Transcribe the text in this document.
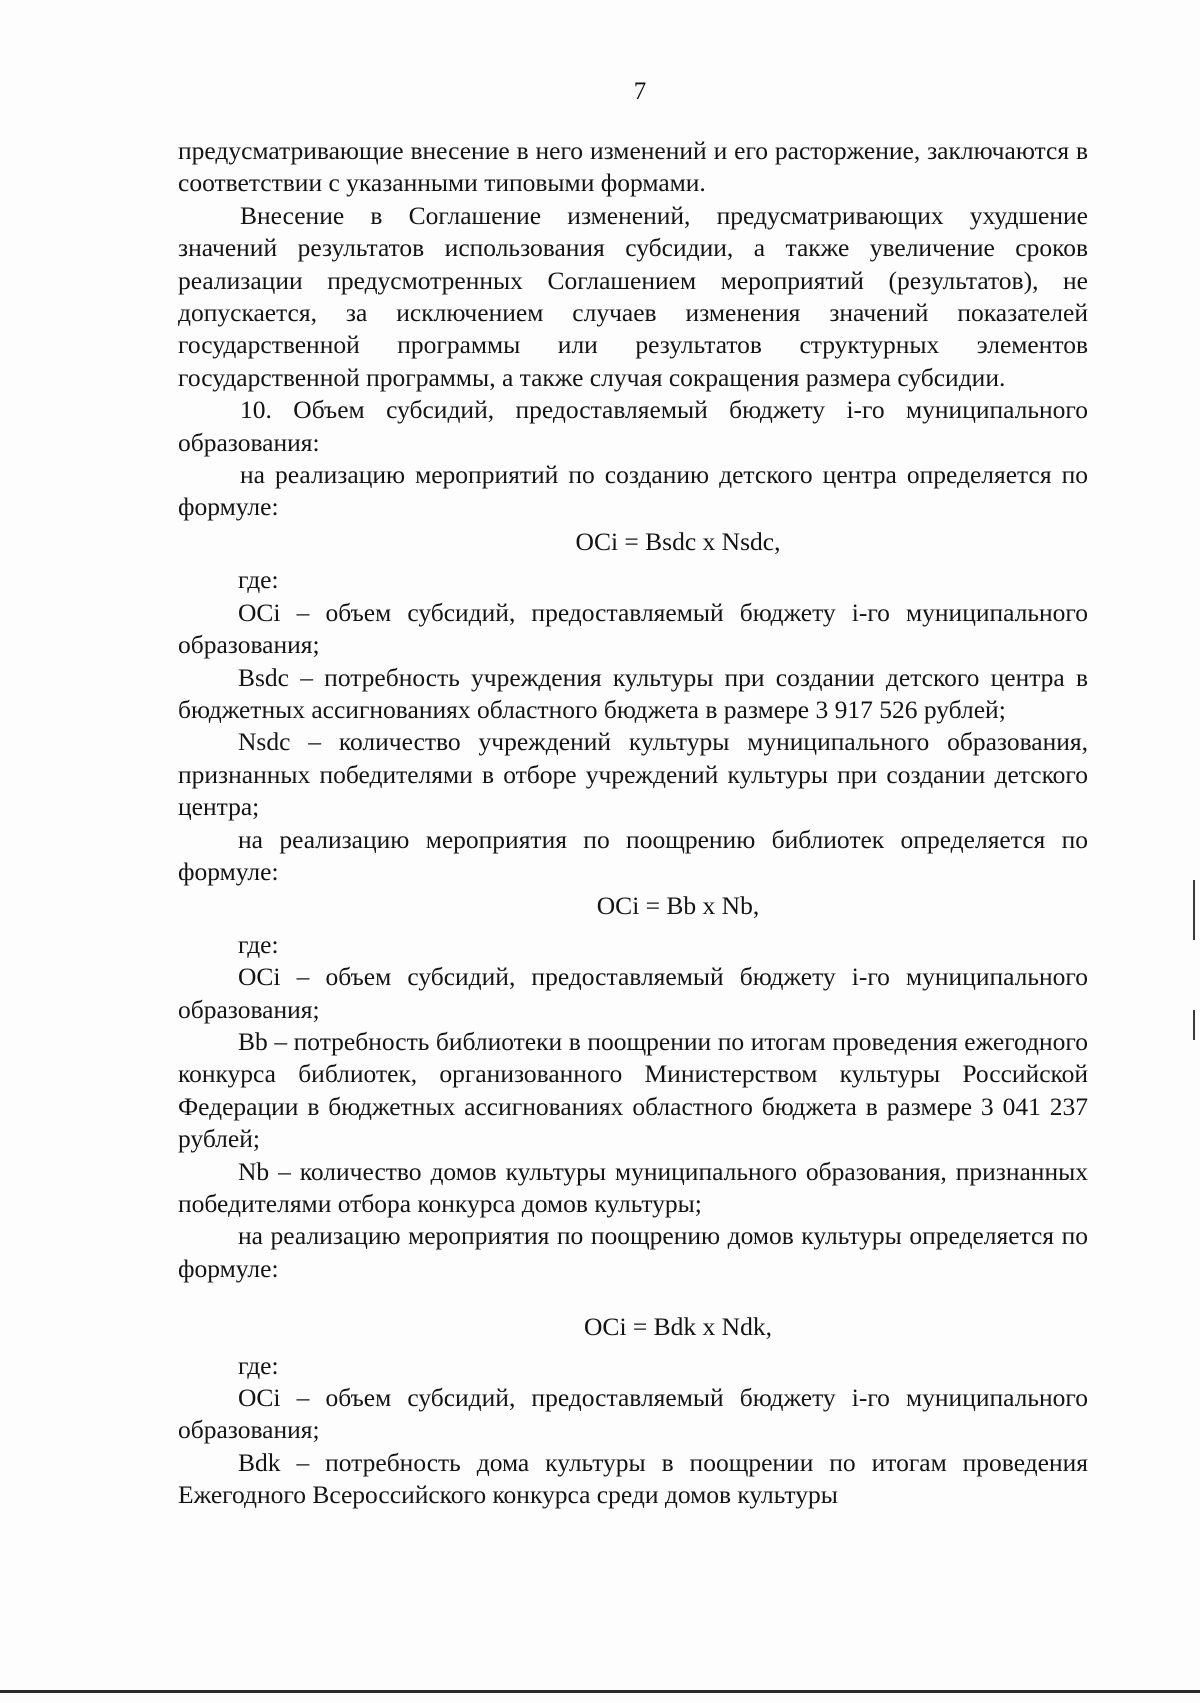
7

предусматривающие внесение в него изменений и его расторжение, заключаются в соответствии с указанными типовыми формами.

Внесение в Соглашение изменений, предусматривающих ухудшение значений результатов использования субсидии, а также увеличение сроков реализации предусмотренных Соглашением мероприятий (результатов), не допускается, за исключением случаев изменения значений показателей государственной программы или результатов структурных элементов государственной программы, а также случая сокращения размера субсидии.

10. Объем субсидий, предоставляемый бюджету і-го муниципального образования:

на реализацию мероприятий по созданию детского центра определяется по формуле:

OCi = Bsdc x Nsdc,

где:

OCi – объем субсидий, предоставляемый бюджету і-го муниципального образования;

Bsdc – потребность учреждения культуры при создании детского центра в бюджетных ассигнованиях областного бюджета в размере 3 917 526 рублей;

Nsdc – количество учреждений культуры муниципального образования, признанных победителями в отборе учреждений культуры при создании детского центра;

на реализацию мероприятия по поощрению библиотек определяется по формуле:

OCi = Bb x Nb,

где:

OCi – объем субсидий, предоставляемый бюджету і-го муниципального образования;

Bb – потребность библиотеки в поощрении по итогам проведения ежегодного конкурса библиотек, организованного Министерством культуры Российской Федерации в бюджетных ассигнованиях областного бюджета в размере 3 041 237 рублей;

Nb – количество домов культуры муниципального образования, признанных победителями отбора конкурса домов культуры;

на реализацию мероприятия по поощрению домов культуры определяется по формуле:

OCi = Bdk x Ndk,

где:

OCi – объем субсидий, предоставляемый бюджету і-го муниципального образования;

Bdk – потребность дома культуры в поощрении по итогам проведения Ежегодного Всероссийского конкурса среди домов культуры
